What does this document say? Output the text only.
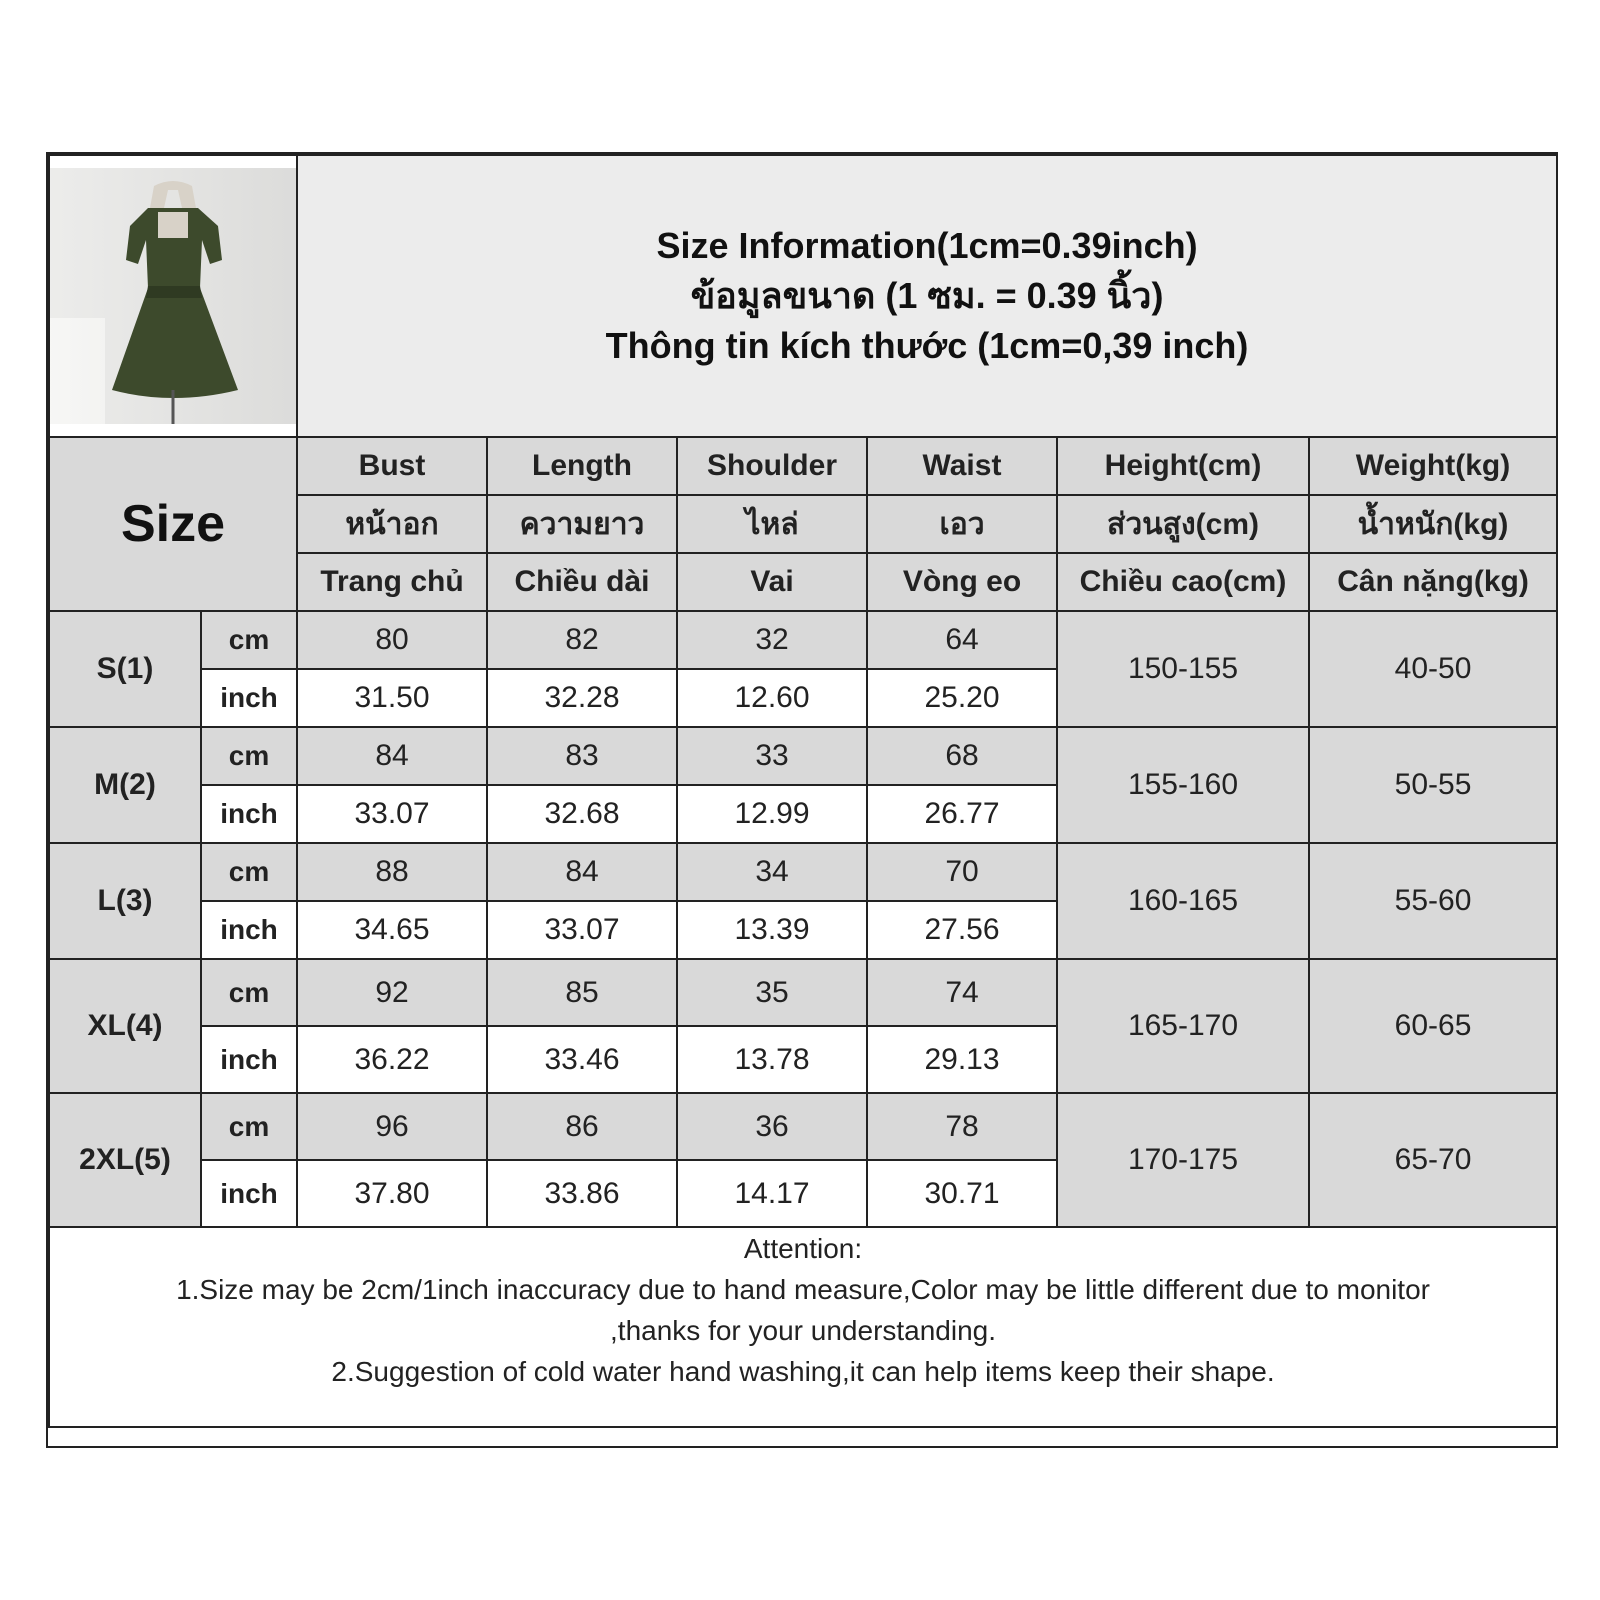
Size Information(1cm=0.39inch)
ข้อมูลขนาด (1 ซม. = 0.39 นิ้ว)
Thông tin kích thước (1cm=0,39 inch)					

Size		Bust	Length	Shoulder	Waist	Height(cm)	Weight(kg)
		หน้าอก	ความยาว	ไหล่	เอว	ส่วนสูง(cm)	น้ำหนัก(kg)
		Trang chủ	Chiều dài	Vai	Vòng eo	Chiều cao(cm)	Cân nặng(kg)
S(1)	cm	80	82	32	64	150-155	40-50
	inch	31.50	32.28	12.60	25.20		
M(2)	cm	84	83	33	68	155-160	50-55
	inch	33.07	32.68	12.99	26.77		
L(3)	cm	88	84	34	70	160-165	55-60
	inch	34.65	33.07	13.39	27.56		
XL(4)	cm	92	85	35	74	165-170	60-65
	inch	36.22	33.46	13.78	29.13		
2XL(5)	cm	96	86	36	78	170-175	65-70
	inch	37.80	33.86	14.17	30.71		

Attention:
1.Size may be 2cm/1inch inaccuracy due to hand measure,Color may be little different due to monitor
,thanks for your understanding.
2.Suggestion of cold water hand washing,it can help items keep their shape.							
